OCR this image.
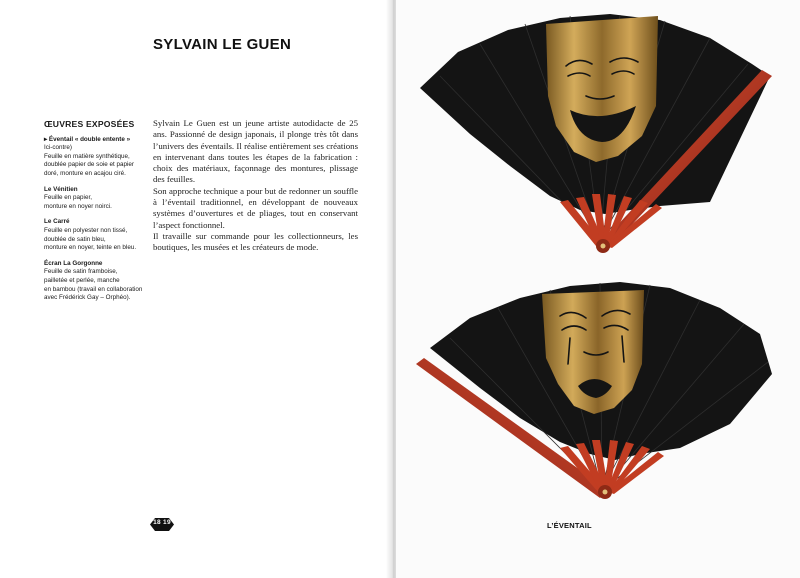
SYLVAIN LE GUEN
ŒUVRES EXPOSÉES
▸ Éventail « double entente »
Ici-contre)
Feuille en matière synthétique,
doublée papier de soie et papier
doré, monture en acajou ciré.
Le Vénitien
Feuille en papier,
monture en noyer noirci.
Le Carré
Feuille en polyester non tissé,
doublée de satin bleu,
monture en noyer, teinte en bleu.
Écran La Gorgonne
Feuille de satin framboise,
pailletée et perlée, manche
en bambou (travail en collaboration
avec Frédérick Gay – Orphéo).

Sylvain Le Guen est un jeune artiste autodidacte de 25 ans. Passionné de design japonais, il plonge très tôt dans l’univers des éventails. Il réalise entièrement ses créations en intervenant dans toutes les étapes de la fabrication : choix des matériaux, façonnage des montures, plissage des feuilles.

Son approche technique a pour but de redonner un souffle à l’éventail traditionnel, en développant de nouveaux systèmes d’ouvertures et de pliages, tout en conservant l’aspect fonctionnel.

Il travaille sur commande pour les collectionneurs, les boutiques, les musées et les créateurs de mode.

18 19	L’ÉVENTAIL
